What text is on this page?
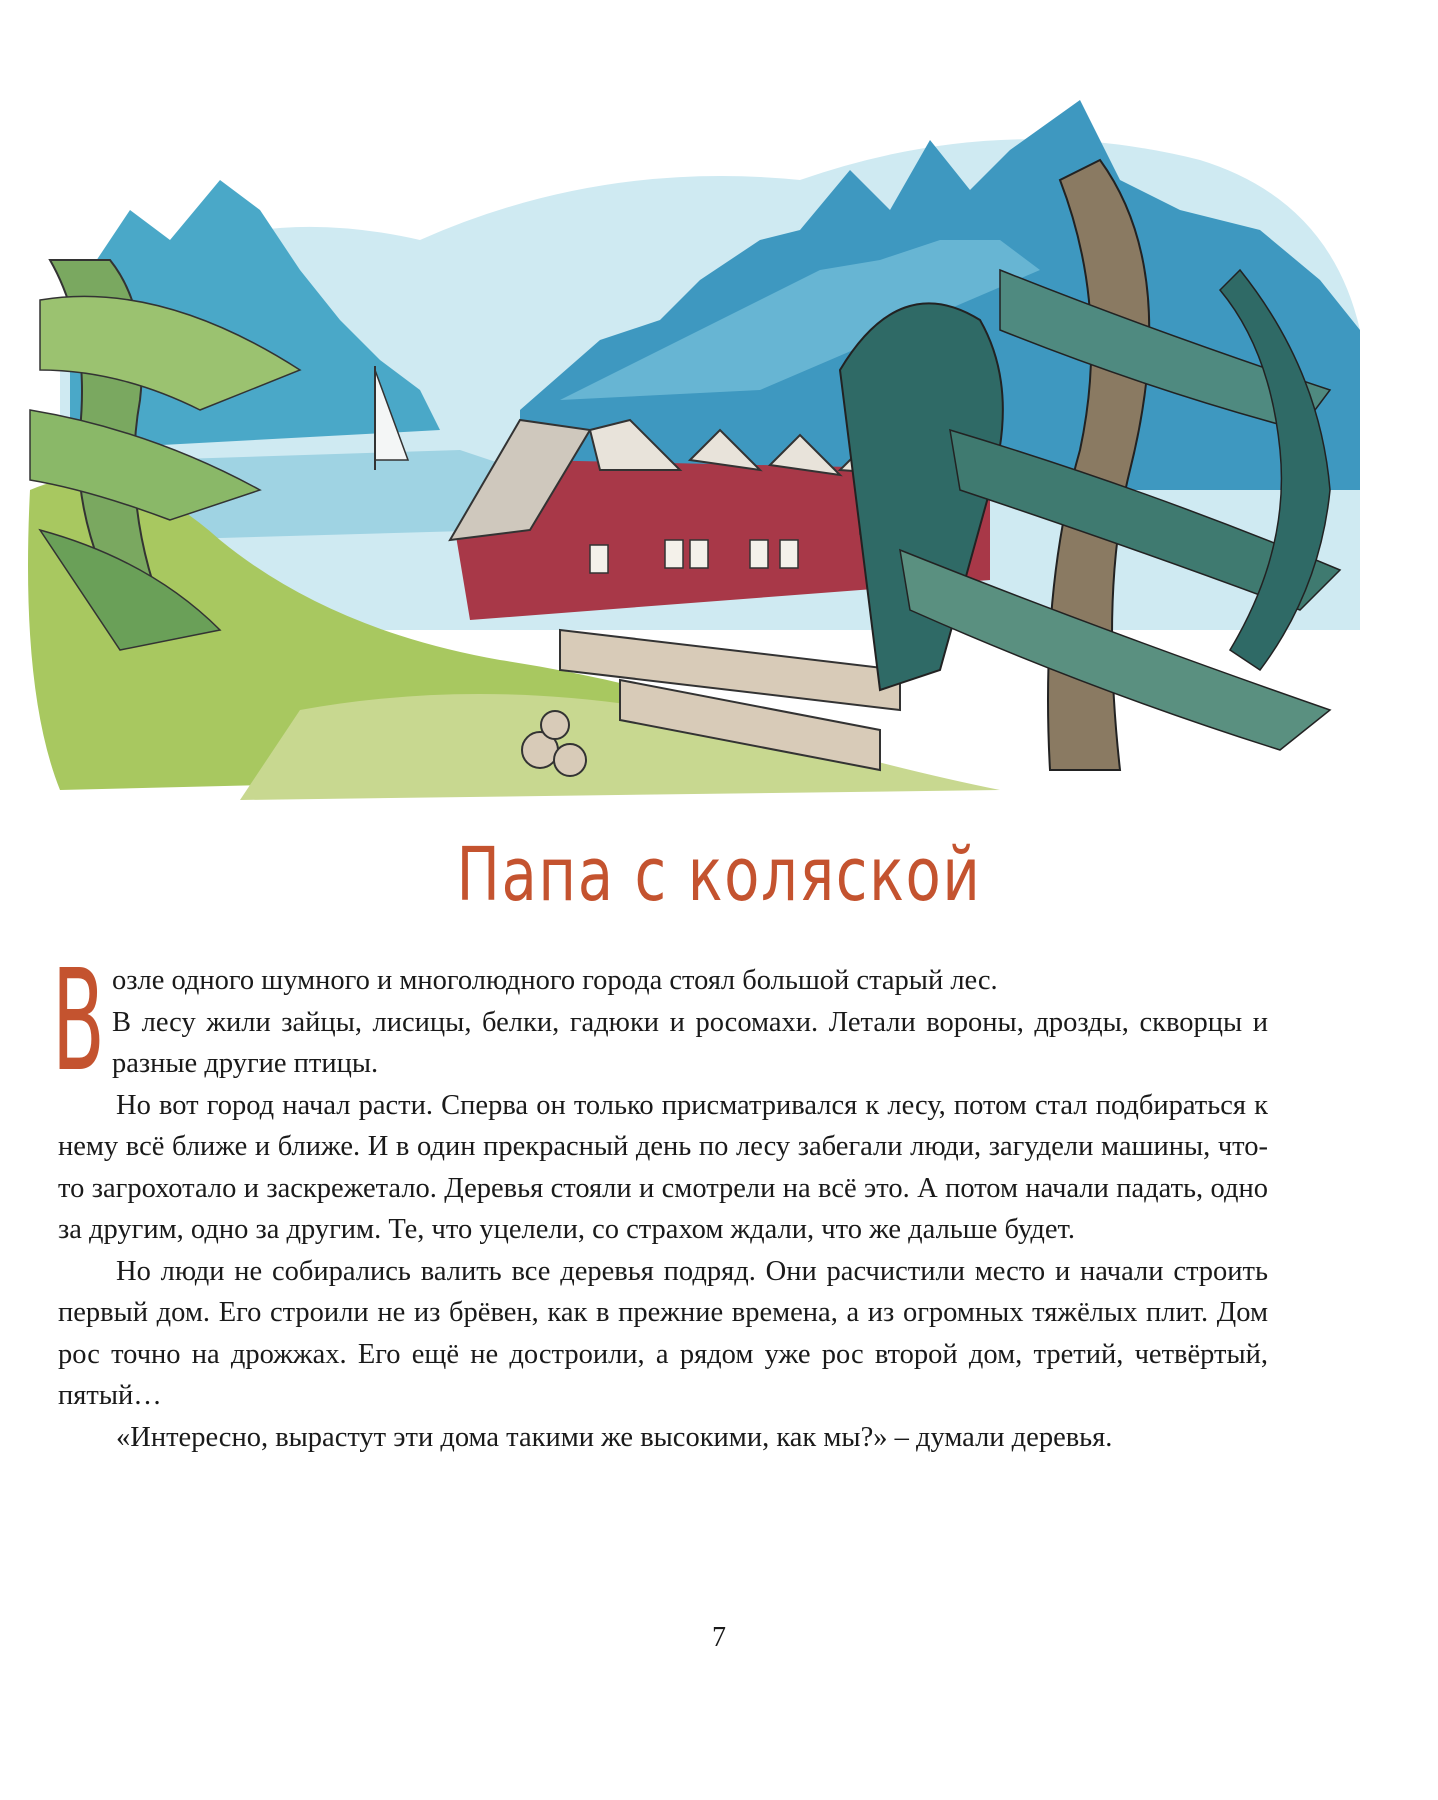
Папа с коляской
В озле одного шумного и многолюдного города стоял большой старый лес.

В лесу жили зайцы, лисицы, белки, гадюки и росомахи. Летали вороны, дрозды, скворцы и разные другие птицы.

Но вот город начал расти. Сперва он только присматривался к лесу, потом стал подбираться к нему всё ближе и ближе. И в один прекрасный день по лесу забегали люди, загудели машины, что-то загрохотало и заскрежетало. Деревья стояли и смотрели на всё это. А потом начали падать, одно за другим, одно за другим. Те, что уцелели, со страхом ждали, что же дальше будет.

Но люди не собирались валить все деревья подряд. Они расчистили место и начали строить первый дом. Его строили не из брёвен, как в прежние времена, а из огромных тяжёлых плит. Дом рос точно на дрожжах. Его ещё не достроили, а рядом уже рос второй дом, третий, четвёртый, пятый…

«Интересно, вырастут эти дома такими же высокими, как мы?» – думали деревья.

7
